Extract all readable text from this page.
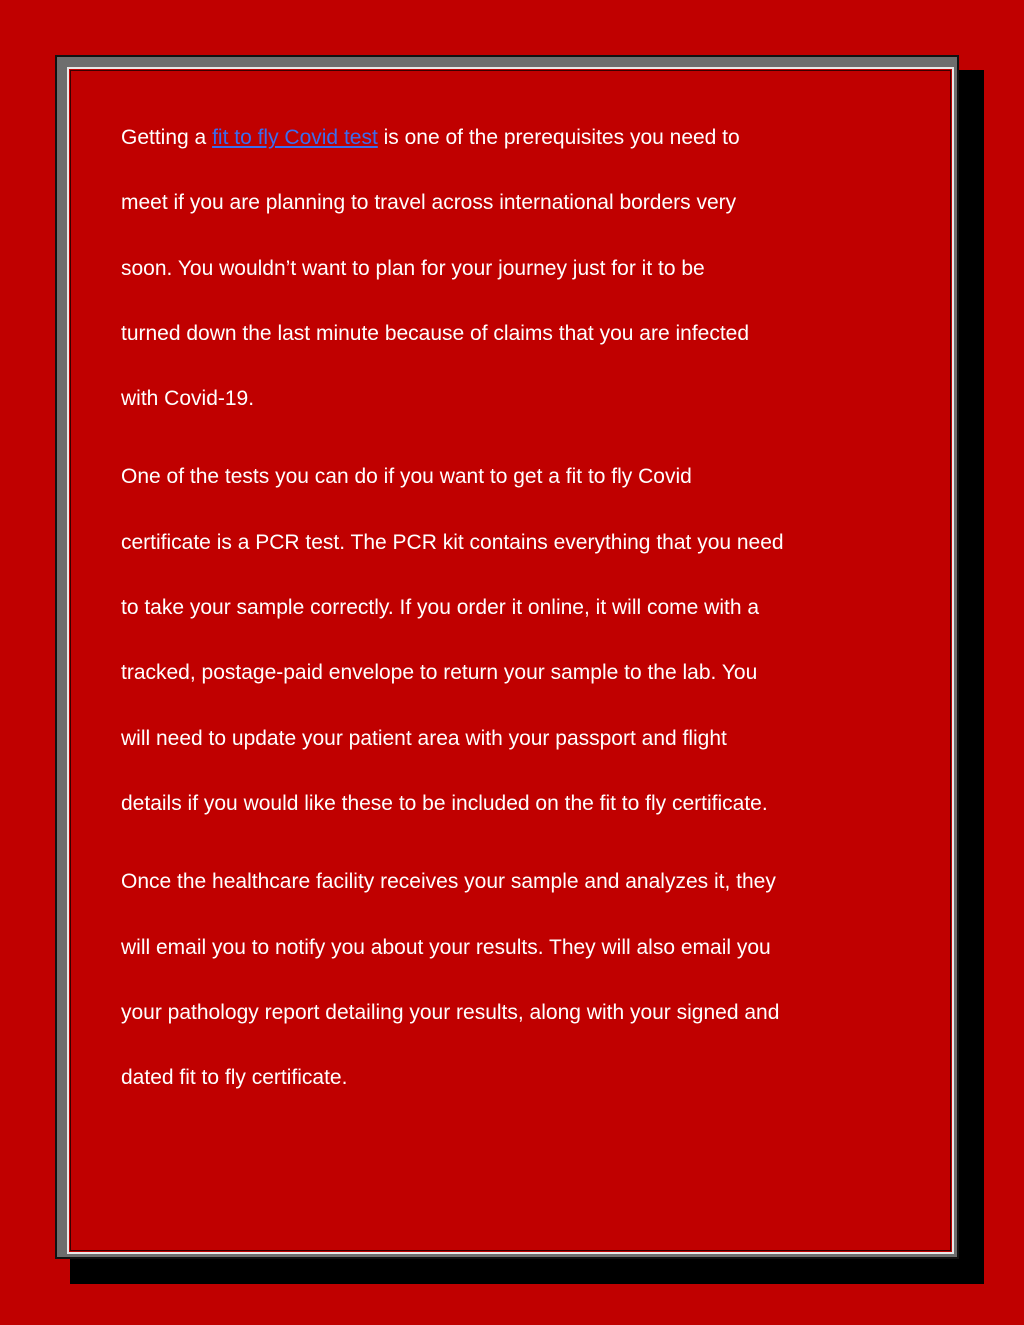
Getting a fit to fly Covid test is one of the prerequisites you need to
meet if you are planning to travel across international borders very
soon. You wouldn’t want to plan for your journey just for it to be
turned down the last minute because of claims that you are infected
with Covid-19.
One of the tests you can do if you want to get a fit to fly Covid
certificate is a PCR test. The PCR kit contains everything that you need
to take your sample correctly. If you order it online, it will come with a
tracked, postage-paid envelope to return your sample to the lab. You
will need to update your patient area with your passport and flight
details if you would like these to be included on the fit to fly certificate.
Once the healthcare facility receives your sample and analyzes it, they
will email you to notify you about your results. They will also email you
your pathology report detailing your results, along with your signed and
dated fit to fly certificate.
